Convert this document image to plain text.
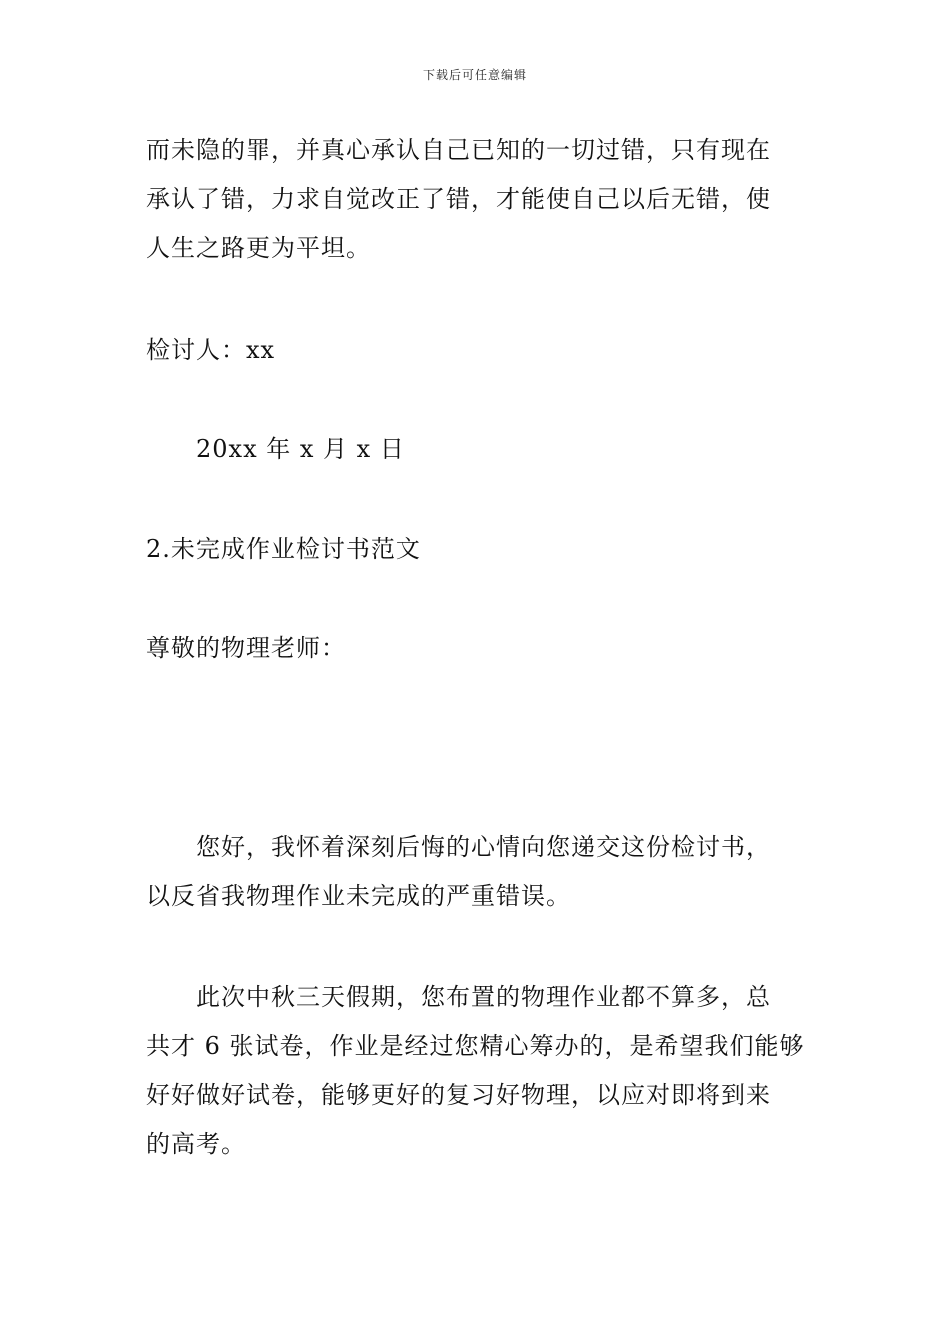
下载后可任意编辑
而未隐的罪，并真心承认自己已知的一切过错，只有现在
承认了错，力求自觉改正了错，才能使自己以后无错，使
人生之路更为平坦。
检讨人：xx
20xx 年 x 月 x 日
2.未完成作业检讨书范文
尊敬的物理老师：
您好，我怀着深刻后悔的心情向您递交这份检讨书，
以反省我物理作业未完成的严重错误。
此次中秋三天假期，您布置的物理作业都不算多，总
共才 6 张试卷，作业是经过您精心筹办的，是希望我们能够
好好做好试卷，能够更好的复习好物理，以应对即将到来
的高考。
